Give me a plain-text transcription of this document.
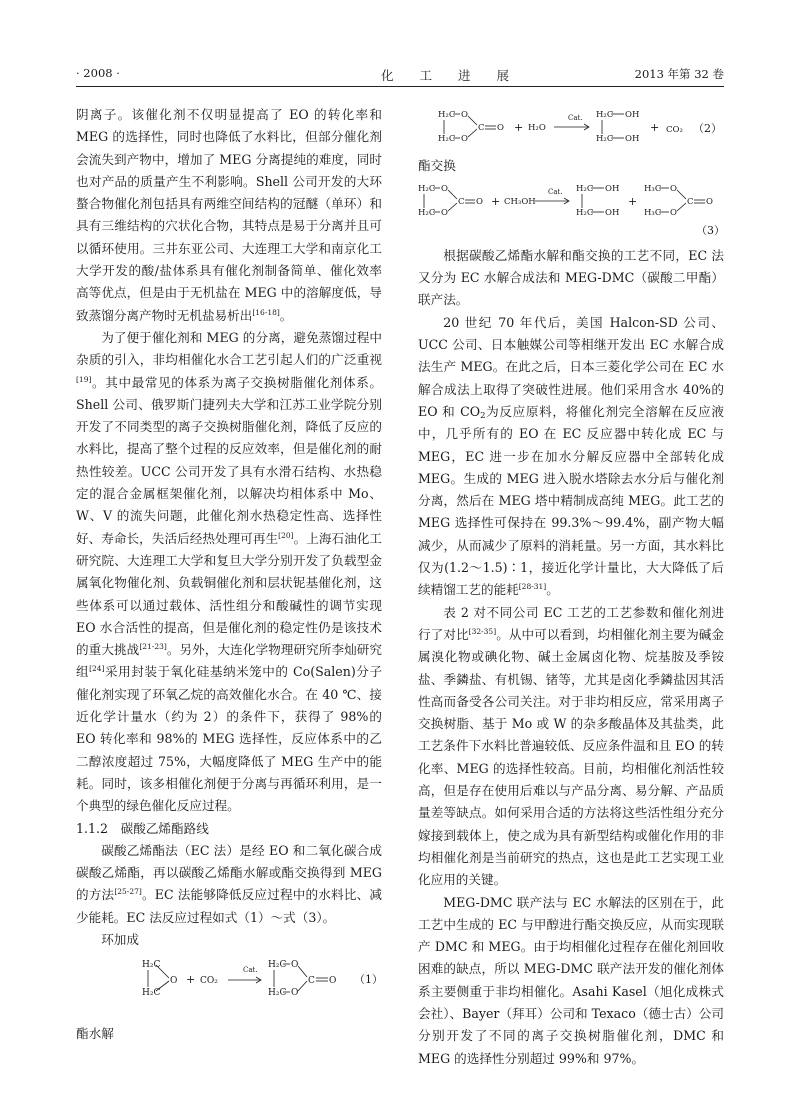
· 2008 ·	化工进展	2013 年第 32 卷

阴离子。该催化剂不仅明显提高了 EO 的转化率和 MEG 的选择性，同时也降低了水料比，但部分催化剂会流失到产物中，增加了 MEG 分离提纯的难度，同时也对产品的质量产生不利影响。Shell 公司开发的大环螯合物催化剂包括具有两维空间结构的冠醚（单环）和具有三维结构的穴状化合物，其特点是易于分离并且可以循环使用。三井东亚公司、大连理工大学和南京化工大学开发的酸/盐体系具有催化剂制备简单、催化效率高等优点，但是由于无机盐在 MEG 中的溶解度低，导致蒸馏分离产物时无机盐易析出[16-18]。

为了便于催化剂和 MEG 的分离，避免蒸馏过程中杂质的引入，非均相催化水合工艺引起人们的广泛重视[19]。其中最常见的体系为离子交换树脂催化剂体系。Shell 公司、俄罗斯门捷列夫大学和江苏工业学院分别开发了不同类型的离子交换树脂催化剂，降低了反应的水料比，提高了整个过程的反应效率，但是催化剂的耐热性较差。UCC 公司开发了具有水滑石结构、水热稳定的混合金属框架催化剂，以解决均相体系中 Mo、W、V 的流失问题，此催化剂水热稳定性高、选择性好、寿命长，失活后经热处理可再生[20]。上海石油化工研究院、大连理工大学和复旦大学分别开发了负载型金属氧化物催化剂、负载铜催化剂和层状铌基催化剂，这些体系可以通过载体、活性组分和酸碱性的调节实现 EO 水合活性的提高，但是催化剂的稳定性仍是该技术的重大挑战[21-23]。另外，大连化学物理研究所李灿研究组[24]采用封装于氧化硅基纳米笼中的 Co(Salen)分子催化剂实现了环氧乙烷的高效催化水合。在 40 ℃、接近化学计量水（约为 2）的条件下，获得了 98%的 EO 转化率和 98%的 MEG 选择性，反应体系中的乙二醇浓度超过 75%，大幅度降低了 MEG 生产中的能耗。同时，该多相催化剂便于分离与再循环利用，是一个典型的绿色催化反应过程。

1.1.2　碳酸乙烯酯路线

碳酸乙烯酯法（EC 法）是经 EO 和二氧化碳合成碳酸乙烯酯，再以碳酸乙烯酯水解或酯交换得到 MEG 的方法[25-27]。EC 法能够降低反应过程中的水料比、减少能耗。EC 法反应过程如式（1）～式（3）。

环加成

H₂C
H₂C
O + CO₂
Cat. H₂C
H₂C
O
O
C O （1）

酯水解

H₂C
H₂C
O
O
C O + H₂O
Cat. H₂C OH
H₂C OH
+ CO₂ （2）

酯交换

H₂C
H₂C
O
O
C O + CH₃OH
Cat. H₂C OH
H₂C OH
+
H₃C
H₃C
O
O
C O
（3）

根据碳酸乙烯酯水解和酯交换的工艺不同，EC 法又分为 EC 水解合成法和 MEG-DMC（碳酸二甲酯）联产法。

20 世纪 70 年代后，美国 Halcon-SD 公司、UCC 公司、日本触媒公司等相继开发出 EC 水解合成法生产 MEG。在此之后，日本三菱化学公司在 EC 水解合成法上取得了突破性进展。他们采用含水 40%的 EO 和 $CO_2$为反应原料，将催化剂完全溶解在反应液中，几乎所有的 EO 在 EC 反应器中转化成 EC 与 MEG，EC 进一步在加水分解反应器中全部转化成 MEG。生成的 MEG 进入脱水塔除去水分后与催化剂分离，然后在 MEG 塔中精制成高纯 MEG。此工艺的 MEG 选择性可保持在 99.3%～99.4%，副产物大幅减少，从而减少了原料的消耗量。另一方面，其水料比仅为(1.2～1.5)∶1，接近化学计量比，大大降低了后续精馏工艺的能耗[28-31]。

表 2 对不同公司 EC 工艺的工艺参数和催化剂进行了对比[32-35]。从中可以看到，均相催化剂主要为碱金属溴化物或碘化物、碱土金属卤化物、烷基胺及季铵盐、季鏻盐、有机锡、锗等，尤其是卤化季鏻盐因其活性高而备受各公司关注。对于非均相反应，常采用离子交换树脂、基于 Mo 或 W 的杂多酸晶体及其盐类，此工艺条件下水料比普遍较低、反应条件温和且 EO 的转化率、MEG 的选择性较高。目前，均相催化剂活性较高，但是存在使用后难以与产品分离、易分解、产品质量差等缺点。如何采用合适的方法将这些活性组分充分嫁接到载体上，使之成为具有新型结构或催化作用的非均相催化剂是当前研究的热点，这也是此工艺实现工业化应用的关键。

MEG-DMC 联产法与 EC 水解法的区别在于，此工艺中生成的 EC 与甲醇进行酯交换反应，从而实现联产 DMC 和 MEG。由于均相催化过程存在催化剂回收困难的缺点，所以 MEG-DMC 联产法开发的催化剂体系主要侧重于非均相催化。Asahi Kasel（旭化成株式会社）、Bayer（拜耳）公司和 Texaco（德士古）公司分别开发了不同的离子交换树脂催化剂，DMC 和 MEG 的选择性分别超过 99%和 97%。
